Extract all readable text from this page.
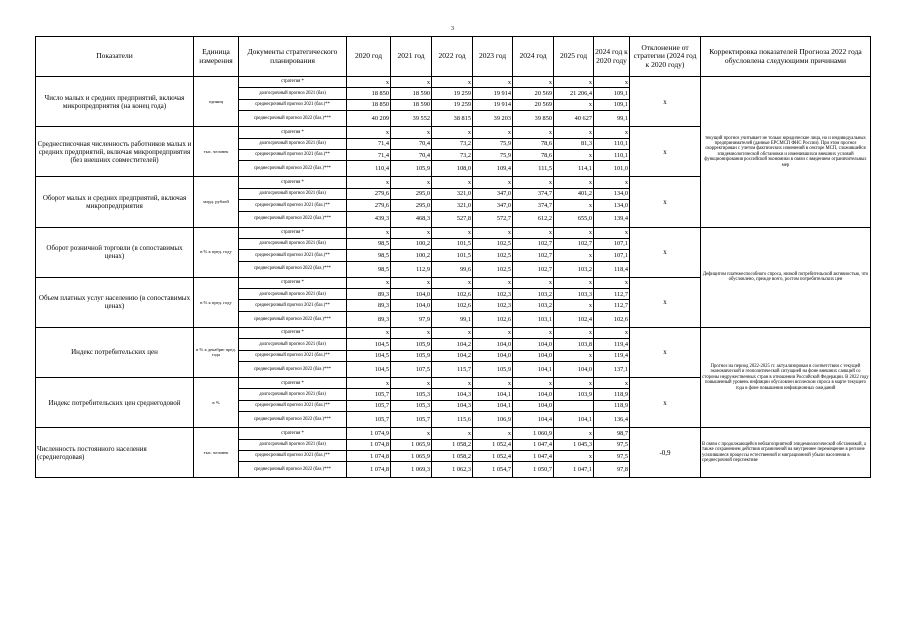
3
Показатели	Единица измерения	Документы стратегического планирования	2020 год	2021 год	2022 год	2023 год	2024 год	2025 год	2024 год к 2020 году	Отклонение от стратегии (2024 год к 2020 году)	Корректировка показателей Прогноза 2022 года обусловлена следующими причинами
Число малых и средних предприятий, включая микропредприятия (на конец года)	единиц	стратегия *	x	x	x	x	x	x	x	x	текущий прогноз учитывает не только юридические лица, но и индивидуальных предпринимателей (данные ЕРСМСП ФНС России). При этом прогноз скорректирован с учетом фактических изменений в секторе МСП, сложившейся эпидемиологической обстановки и изменившихся внешних условий функционирования российской экономики в связи с введением ограничительных мер
		долгосрочный прогноз 2021 (баз)	18 850	18 590	19 259	19 914	20 569	21 206,4	109,1		
		среднесрочный прогноз 2021 (баз.)**	18 850	18 590	19 259	19 914	20 569	x	109,1		
		среднесрочный прогноз 2022 (баз.)***	40 209	39 552	38 815	39 203	39 850	40 627	99,1		
Среднесписочная численность работников малых и средних предприятий, включая микропредприятия (без внешних совместителей)	тыс. человек	стратегия *	x	x	x	x	x	x	x	x	
		долгосрочный прогноз 2021 (баз)	71,4	70,4	73,2	75,9	78,6	81,3	110,1		
		среднесрочный прогноз 2021 (баз.)**	71,4	70,4	73,2	75,9	78,6	x	110,1		
		среднесрочный прогноз 2022 (баз.)***	110,4	105,9	108,0	109,4	111,5	114,1	101,0		
Оборот малых и средних предприятий, включая микропредприятия	млрд. рублей	стратегия *	x	x	x	x	x	x	x	x	
		долгосрочный прогноз 2021 (баз)	279,6	295,0	321,0	347,0	374,7	401,2	134,0		
		среднесрочный прогноз 2021 (баз.)**	279,6	295,0	321,0	347,0	374,7	x	134,0		
		среднесрочный прогноз 2022 (баз.)***	439,3	468,3	527,8	572,7	612,2	655,0	139,4		
Оборот розничной торговли (в сопоставимых ценах)	в % к пред. году	стратегия *	x	x	x	x	x	x	x	x	Дефицитом платежеспособного спроса, низкой потребительской активностью, что обусловлено, прежде всего, ростом потребительских цен
		долгосрочный прогноз 2021 (баз)	98,5	100,2	101,5	102,5	102,7	102,7	107,1		
		среднесрочный прогноз 2021 (баз.)**	98,5	100,2	101,5	102,5	102,7	x	107,1		
		среднесрочный прогноз 2022 (баз.)***	98,5	112,9	99,6	102,5	102,7	103,2	118,4		
Объем платных услуг населению (в сопоставимых ценах)	в % к пред. году	стратегия *	x	x	x	x	x	x	x	x	
		долгосрочный прогноз 2021 (баз)	89,3	104,0	102,6	102,3	103,2	103,3	112,7		
		среднесрочный прогноз 2021 (баз.)**	89,3	104,0	102,6	102,3	103,2	x	112,7		
		среднесрочный прогноз 2022 (баз.)***	89,3	97,9	99,1	102,6	103,1	102,4	102,6		
Индекс потребительских цен	в % к декабрю пред. года	стратегия *	x	x	x	x	x	x	x	x	Прогноз на период 2022-2025 гг. актуализирован в соответствии с текущей экономической и геополитической ситуацией на фоне внешних санкций со стороны недружественных стран в отношении Российской Федерации. В 2022 году повышенный уровень инфляции обусловлен всплеском спроса в марте текущего года в фоне повышения инфляционных ожиданий
		долгосрочный прогноз 2021 (баз)	104,5	105,9	104,2	104,0	104,0	103,8	119,4		
		среднесрочный прогноз 2021 (баз.)**	104,5	105,9	104,2	104,0	104,0	x	119,4		
		среднесрочный прогноз 2022 (баз.)***	104,5	107,5	115,7	105,9	104,1	104,0	137,1		
Индекс потребительских цен среднегодовой	в %	стратегия *	x	x	x	x	x	x	x	x	
		долгосрочный прогноз 2021 (баз)	105,7	105,3	104,3	104,1	104,0	103,9	118,9		
		среднесрочный прогноз 2021 (баз.)**	105,7	105,3	104,3	104,1	104,0		118,9		
		среднесрочный прогноз 2022 (баз.)***	105,7	105,7	115,6	106,9	104,4	104,1	136,4		
Численность постоянного населения (среднегодовая)	тыс. человек	стратегия *	1 074,9	x	x	x	1 060,9	x	98,7	-0,9	В связи с продолжающейся неблагоприятной эпидемиологической обстановкой, а также сохранением действия ограничений на внутреннее перемещение в регионе усилившиеся процессы естественной и миграционной убыли населения в среднесрочной перспективе
		долгосрочный прогноз 2021 (баз)	1 074,8	1 065,9	1 058,2	1 052,4	1 047,4	1 045,3	97,5		
		среднесрочный прогноз 2021 (баз.)**	1 074,8	1 065,9	1 058,2	1 052,4	1 047,4	x	97,5		
		среднесрочный прогноз 2022 (баз.)***	1 074,8	1 069,3	1 062,3	1 054,7	1 050,7	1 047,1	97,8		
